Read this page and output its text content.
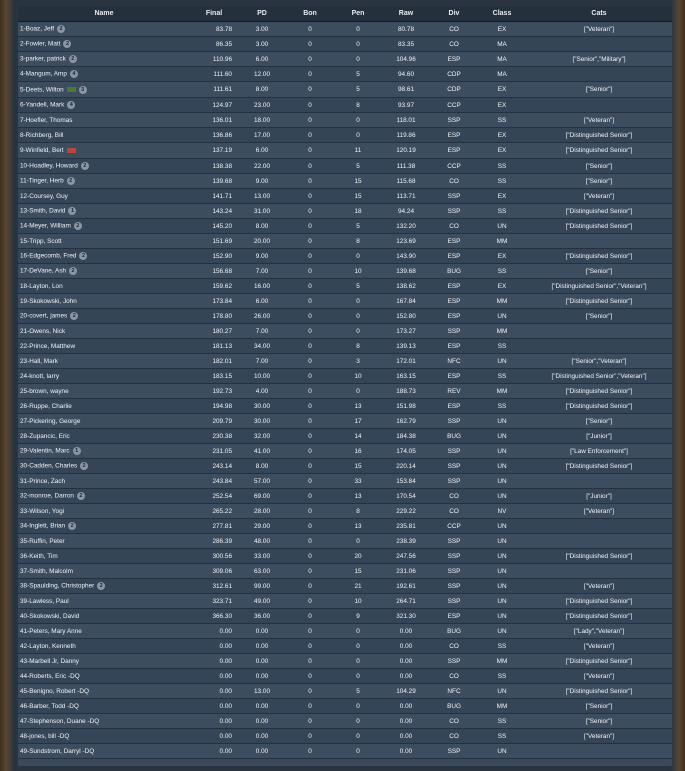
Name	Final	PD	Bon	Pen	Raw	Div	Class	Cats
1-Boaz, Jeff 2	83.78	3.00	0	0	80.78	CO	EX	["Veteran"]
2-Fowler, Matt 2	86.35	3.00	0	0	83.35	CO	MA	
3-parker, patrick 2	110.96	6.00	0	0	104.96	ESP	MA	["Senior","Military"]
4-Mangum, Amp 4	111.60	12.00	0	5	94.60	CDP	MA	
5-Deets, Wilton 3	111.61	8.00	0	5	98.61	CDP	EX	["Senior"]
6-Yandell, Mark 4	124.97	23.00	0	8	93.97	CCP	EX	
7-Hoefler, Thomas	136.01	18.00	0	0	118.01	SSP	SS	["Veteran"]
8-Richberg, Bill	136.86	17.00	0	0	119.86	ESP	EX	["Distinguished Senior"]
9-Winfield, Bert	137.19	6.00	0	11	120.19	ESP	EX	["Distinguished Senior"]
10-Hoadley, Howard 2	138.38	22.00	0	5	111.38	CCP	SS	["Senior"]
11-Tinger, Herb 2	139.68	9.00	0	15	115.68	CO	SS	["Senior"]
12-Coursey, Guy	141.71	13.00	0	15	113.71	SSP	EX	["Veteran"]
13-Smith, David 1	143.24	31.00	0	18	94.24	SSP	SS	["Distinguished Senior"]
14-Meyer, William 2	145.20	8.00	0	5	132.20	CO	UN	["Distinguished Senior"]
15-Tripp, Scott	151.69	20.00	0	8	123.69	ESP	MM	
16-Edgecomb, Fred 2	152.90	9.00	0	0	143.90	ESP	EX	["Distinguished Senior"]
17-DeVane, Ash 2	156.68	7.00	0	10	139.68	BUG	SS	["Senior"]
18-Layton, Lon	159.62	16.00	0	5	138.62	ESP	EX	["Distinguished Senior","Veteran"]
19-Skokowski, John	173.84	6.00	0	0	167.84	ESP	MM	["Distinguished Senior"]
20-covert, james 2	178.80	26.00	0	0	152.80	ESP	UN	["Senior"]
21-Owens, Nick	180.27	7.00	0	0	173.27	SSP	MM	
22-Prince, Matthew	181.13	34.00	0	8	139.13	ESP	SS	
23-Hall, Mark	182.01	7.00	0	3	172.01	NFC	UN	["Senior","Veteran"]
24-knott, larry	183.15	10.00	0	10	163.15	ESP	SS	["Distinguished Senior","Veteran"]
25-brown, wayne	192.73	4.00	0	0	188.73	REV	MM	["Distinguished Senior"]
26-Ruppe, Charlie	194.98	30.00	0	13	151.98	ESP	SS	["Distinguished Senior"]
27-Pickering, George	209.79	30.00	0	17	162.79	SSP	UN	["Senior"]
28-Zupancic, Eric	230.38	32.00	0	14	184.38	BUG	UN	["Junior"]
29-Valentin, Marc 1	231.05	41.00	0	16	174.05	SSP	UN	["Law Enforcement"]
30-Cadden, Charles 2	243.14	8.00	0	15	220.14	SSP	UN	["Distinguished Senior"]
31-Prince, Zach	243.84	57.00	0	33	153.84	SSP	UN	
32-monroe, Darron 2	252.54	69.00	0	13	170.54	CO	UN	["Junior"]
33-Wilson, Yogi	265.22	28.00	0	8	229.22	CO	NV	["Veteran"]
34-Inglett, Brian 2	277.81	29.00	0	13	235.81	CCP	UN	
35-Ruffin, Peter	286.39	48.00	0	0	238.39	SSP	UN	
36-Keith, Tim	300.56	33.00	0	20	247.56	SSP	UN	["Distinguished Senior"]
37-Smith, Malcolm	309.06	63.00	0	15	231.06	SSP	UN	
38-Spaulding, Christopher 2	312.61	99.00	0	21	192.61	SSP	UN	["Veteran"]
39-Lawless, Paul	323.71	49.00	0	10	264.71	SSP	UN	["Distinguished Senior"]
40-Skokowski, David	366.30	36.00	0	9	321.30	ESP	UN	["Distinguished Senior"]
41-Peters, Mary Anne	0.00	0.00	0	0	0.00	BUG	UN	["Lady","Veteran"]
42-Layton, Kenneth	0.00	0.00	0	0	0.00	CO	SS	["Veteran"]
43-Marbell Jr, Danny	0.00	0.00	0	0	0.00	SSP	MM	["Distinguished Senior"]
44-Roberts, Eric -DQ	0.00	0.00	0	0	0.00	CO	SS	["Veteran"]
45-Benigno, Robert -DQ	0.00	13.00	0	5	104.29	NFC	UN	["Distinguished Senior"]
46-Barber, Todd -DQ	0.00	0.00	0	0	0.00	BUG	MM	["Senior"]
47-Stephenson, Duane -DQ	0.00	0.00	0	0	0.00	CO	SS	["Senior"]
48-jones, bill -DQ	0.00	0.00	0	0	0.00	CO	SS	["Veteran"]
49-Sundstrom, Darryl -DQ	0.00	0.00	0	0	0.00	SSP	UN	
